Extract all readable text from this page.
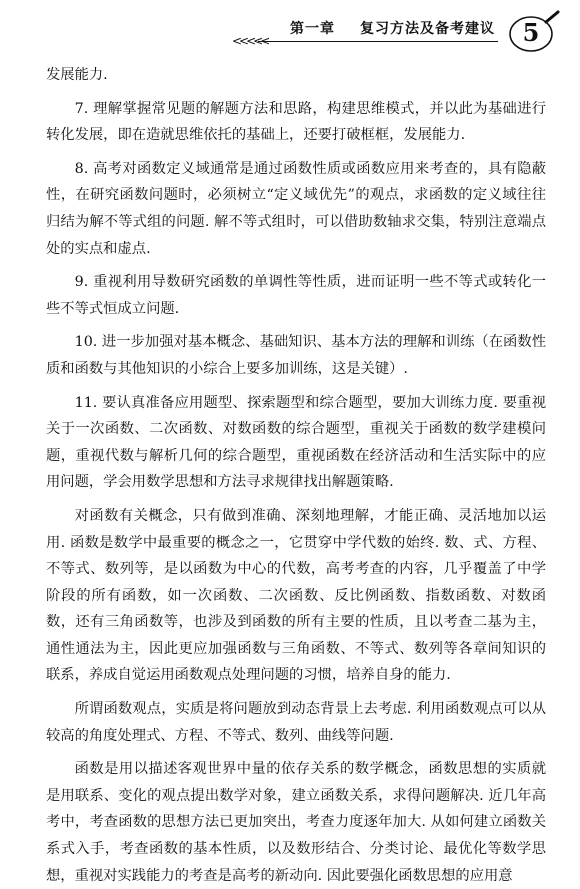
<<<<<
第一章 复习方法及备考建议 5

发展能力.

7. 理解掌握常见题的解题方法和思路，构建思维模式，并以此为基础进行转化发展，即在造就思维依托的基础上，还要打破框框，发展能力.

8. 高考对函数定义域通常是通过函数性质或函数应用来考查的，具有隐蔽性，在研究函数问题时，必须树立“定义域优先”的观点，求函数的定义域往往归结为解不等式组的问题. 解不等式组时，可以借助数轴求交集，特别注意端点处的实点和虚点.

9. 重视利用导数研究函数的单调性等性质，进而证明一些不等式或转化一些不等式恒成立问题.

10. 进一步加强对基本概念、基础知识、基本方法的理解和训练（在函数性质和函数与其他知识的小综合上要多加训练，这是关键）.

11. 要认真准备应用题型、探索题型和综合题型，要加大训练力度. 要重视关于一次函数、二次函数、对数函数的综合题型，重视关于函数的数学建模问题，重视代数与解析几何的综合题型，重视函数在经济活动和生活实际中的应用问题，学会用数学思想和方法寻求规律找出解题策略.

对函数有关概念，只有做到准确、深刻地理解，才能正确、灵活地加以运用. 函数是数学中最重要的概念之一，它贯穿中学代数的始终. 数、式、方程、不等式、数列等，是以函数为中心的代数，高考考查的内容，几乎覆盖了中学阶段的所有函数，如一次函数、二次函数、反比例函数、指数函数、对数函数，还有三角函数等，也涉及到函数的所有主要的性质，且以考查二基为主，通性通法为主，因此更应加强函数与三角函数、不等式、数列等各章间知识的联系，养成自觉运用函数观点处理问题的习惯，培养自身的能力.

所谓函数观点，实质是将问题放到动态背景上去考虑. 利用函数观点可以从较高的角度处理式、方程、不等式、数列、曲线等问题.

函数是用以描述客观世界中量的依存关系的数学概念，函数思想的实质就是用联系、变化的观点提出数学对象，建立函数关系，求得问题解决. 近几年高考中，考查函数的思想方法已更加突出，考查力度逐年加大. 从如何建立函数关系式入手，考查函数的基本性质，以及数形结合、分类讨论、最优化等数学思想，重视对实践能力的考查是高考的新动向. 因此要强化函数思想的应用意
